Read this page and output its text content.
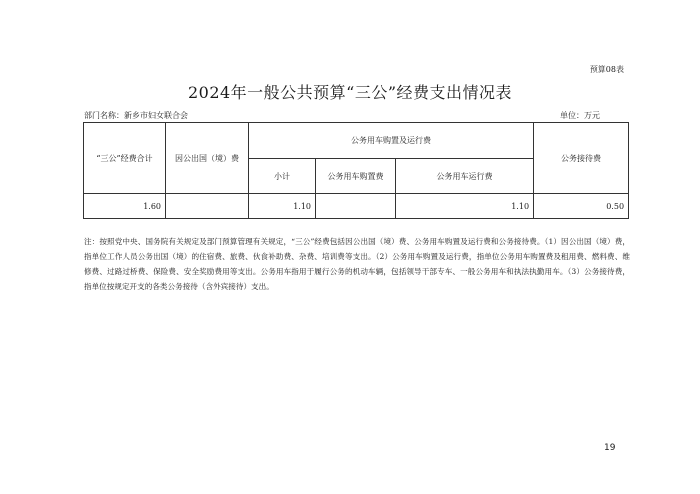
预算08表
2024年一般公共预算“三公”经费支出情况表
部门名称：新乡市妇女联合会	单位：万元
“三公”经费合计	因公出国（境）费	公务用车购置及运行费			公务接待费
		小计	公务用车购置费	公务用车运行费	
1.60		1.10		1.10	0.50
注：按照党中央、国务院有关规定及部门预算管理有关规定，“三公”经费包括因公出国（境）费、公务用车购置及运行费和公务接待费。（1）因公出国（境）费，指单位工作人员公务出国（境）的住宿费、旅费、伙食补助费、杂费、培训费等支出。（2）公务用车购置及运行费，指单位公务用车购置费及租用费、燃料费、维修费、过路过桥费、保险费、安全奖励费用等支出。公务用车指用于履行公务的机动车辆，包括领导干部专车、一般公务用车和执法执勤用车。（3）公务接待费，指单位按规定开支的各类公务接待（含外宾接待）支出。
19
